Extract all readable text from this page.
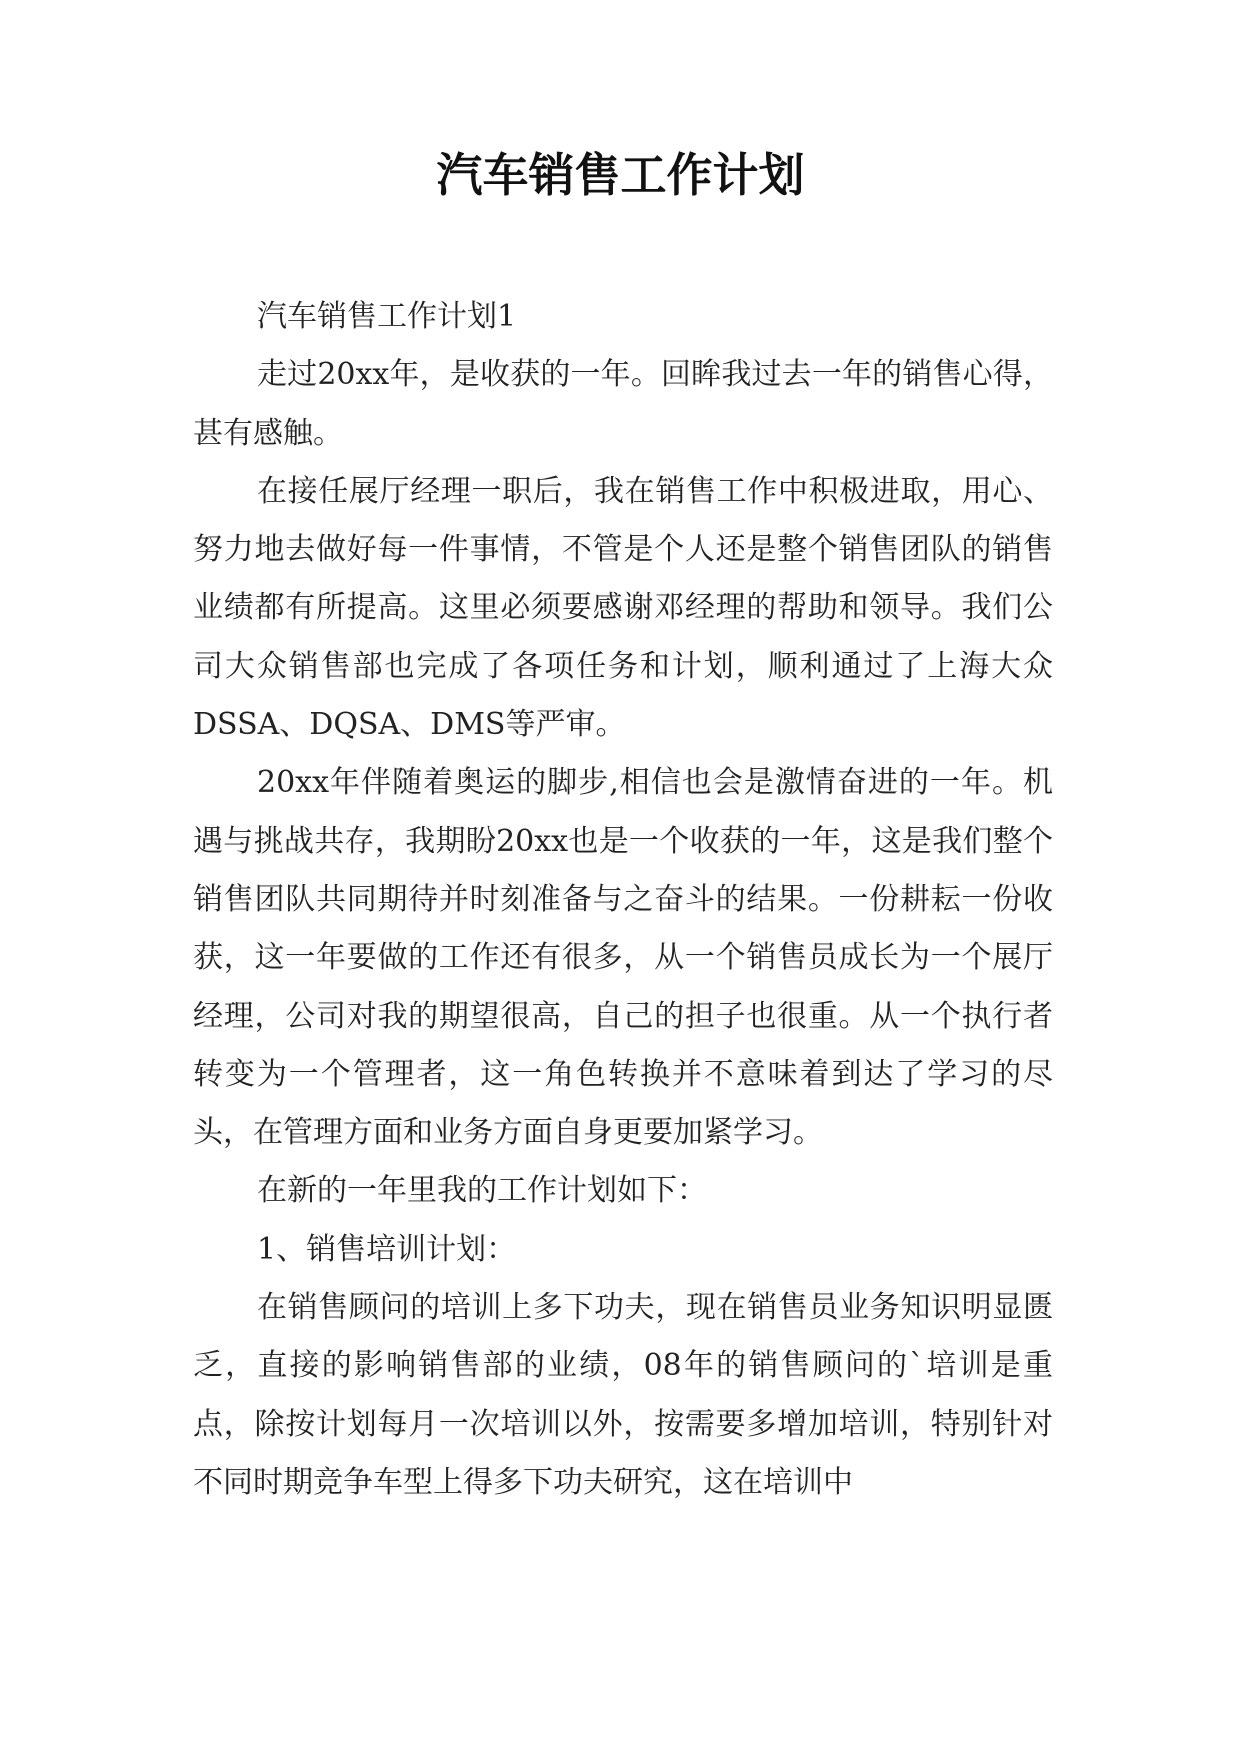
汽车销售工作计划

汽车销售工作计划1

走过20xx年，是收获的一年。回眸我过去一年的销售心得，甚有感触。

在接任展厅经理一职后，我在销售工作中积极进取，用心、努力地去做好每一件事情，不管是个人还是整个销售团队的销售业绩都有所提高。这里必须要感谢邓经理的帮助和领导。我们公司大众销售部也完成了各项任务和计划，顺利通过了上海大众DSSA、DQSA、DMS等严审。

20xx年伴随着奥运的脚步,相信也会是激情奋进的一年。机遇与挑战共存，我期盼20xx也是一个收获的一年，这是我们整个销售团队共同期待并时刻准备与之奋斗的结果。一份耕耘一份收获，这一年要做的工作还有很多，从一个销售员成长为一个展厅经理，公司对我的期望很高，自己的担子也很重。从一个执行者转变为一个管理者，这一角色转换并不意味着到达了学习的尽头，在管理方面和业务方面自身更要加紧学习。

在新的一年里我的工作计划如下：

1、销售培训计划：

在销售顾问的培训上多下功夫，现在销售员业务知识明显匮乏，直接的影响销售部的业绩，08年的销售顾问的`培训是重点，除按计划每月一次培训以外，按需要多增加培训，特别针对不同时期竞争车型上得多下功夫研究，这在培训中
